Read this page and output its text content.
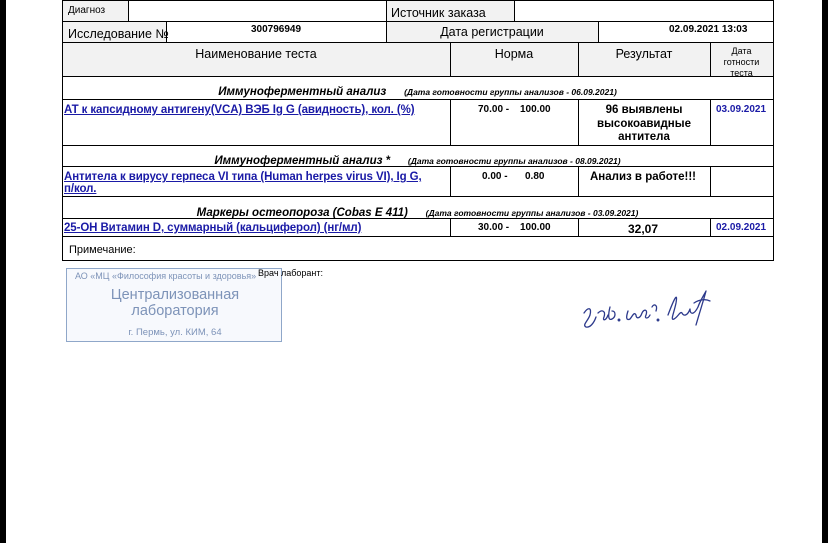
Диагноз	Источник заказа
Исследование №	300796949	Дата регистрации	02.09.2021 13:03
Наименование теста	Норма	Результат	Дата
готности
теста
Иммуноферментный анализ (Дата готовности группы анализов - 06.09.2021)
АТ к капсидному антигену(VCA) ВЭБ Ig G (авидность), кол. (%)	70.00 - 100.00	96 выявлены
высокоавидные
антитела
03.09.2021
Иммуноферментный анализ * (Дата готовности группы анализов - 08.09.2021)
Антитела к вирусу герпеса VI типа (Human herpes virus VI), Ig G,
п/кол.
0.00 - 0.80	Анализ в работе!!!
Маркеры остеопороза (Cobas E 411) (Дата готовности группы анализов - 03.09.2021)
25-ОН Витамин D, суммарный (кальциферол) (нг/мл)	30.00 - 100.00	32,07	02.09.2021
Примечание:
АО «МЦ «Философия красоты и здоровья»
Централизованная
лаборатория
г. Пермь, ул. КИМ, 64
Врач лаборант:
